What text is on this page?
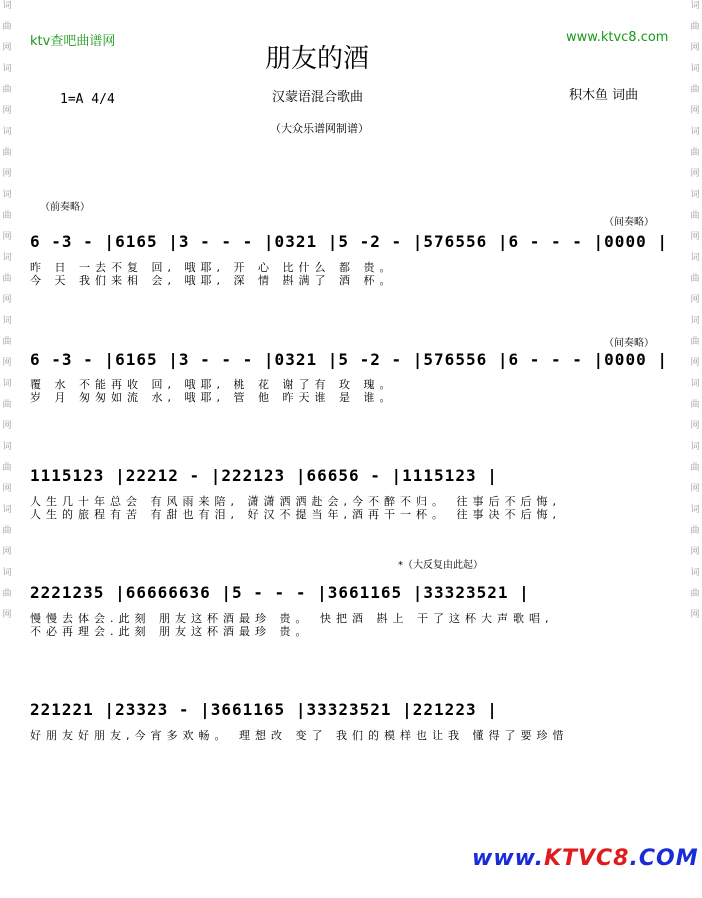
词
曲
网
词
曲
网
词
曲
网
词
曲
网
词
曲
网
词
曲
网
词
曲
网
词
曲
网
词
曲
网
词
曲
网
词
曲
网
词
曲
网
词
曲
网
词
曲
网
词
曲
网
词
曲
网
词
曲
网
词
曲
网
词
曲
网
词
曲
网
ktv查吧曲谱网	www.ktvc8.com
朋友的酒
汉蒙语混合歌曲
1=A 4/4	积木鱼 词曲
（大众乐谱网制谱）
（前奏略）
（间奏略）
6 -3 - |6165 |3 - - - |0321 |5 -2 - |576556 |6 - - - |0000 |
昨 日 一去不复 回, 哦耶, 开 心 比什么 都 贵。
今 天 我们来相 会, 哦耶, 深 情 斟满了 酒 杯。
（间奏略）
6 -3 - |6165 |3 - - - |0321 |5 -2 - |576556 |6 - - - |0000 |
覆 水 不能再收 回, 哦耶, 桃 花 谢了有 玫 瑰。
岁 月 匆匆如流 水, 哦耶, 管 他 昨天谁 是 谁。
1115123 |22212 - |222123 |66656 - |1115123 |
人生几十年总会 有风雨来陪, 潇潇洒洒赴会,今不醉不归。 往事后不后悔,
人生的旅程有苦 有甜也有泪, 好汉不提当年,酒再干一杯。 往事决不后悔,
*（大反复由此起）
2221235 |66666636 |5 - - - |3661165 |33323521 |
慢慢去体会.此刻 朋友这杯酒最珍 贵。 快把酒 斟上 干了这杯大声歌唱,
不必再理会.此刻 朋友这杯酒最珍 贵。
221221 |23323 - |3661165 |33323521 |221223 |
好朋友好朋友,今宵多欢畅。 理想改 变了 我们的模样也让我 懂得了要珍惜
www.KTVC8.COM
